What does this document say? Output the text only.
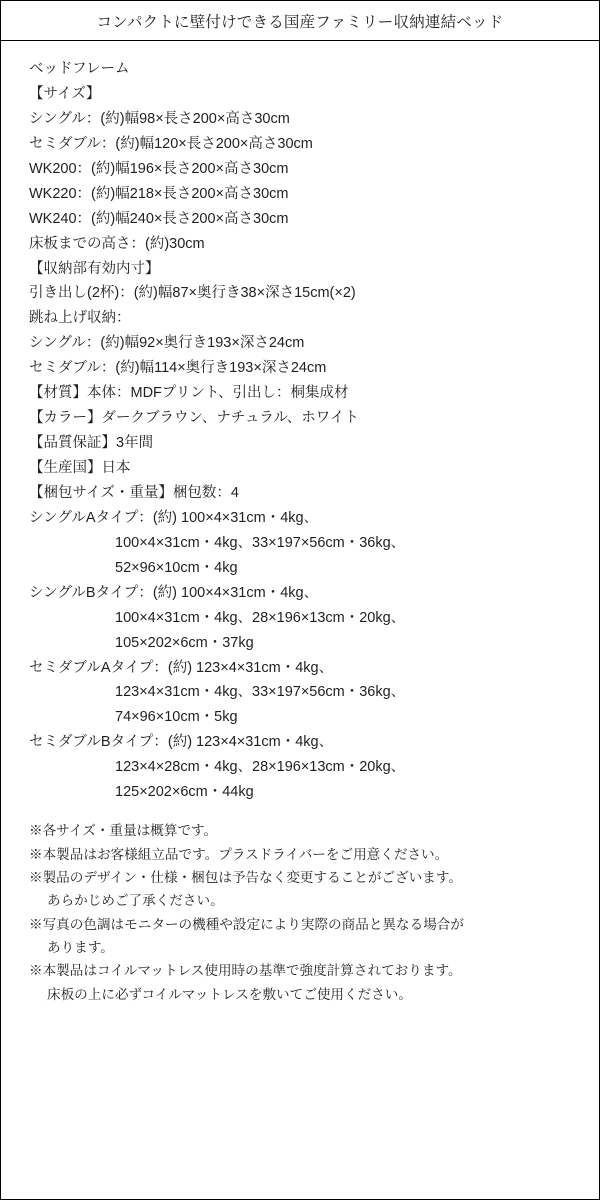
コンパクトに壁付けできる国産ファミリー収納連結ベッド
ベッドフレーム
【サイズ】
シングル：(約)幅98×長さ200×高さ30cm
セミダブル：(約)幅120×長さ200×高さ30cm
WK200：(約)幅196×長さ200×高さ30cm
WK220：(約)幅218×長さ200×高さ30cm
WK240：(約)幅240×長さ200×高さ30cm
床板までの高さ：(約)30cm
【収納部有効内寸】
引き出し(2杯)：(約)幅87×奥行き38×深さ15cm(×2)
跳ね上げ収納：
シングル：(約)幅92×奥行き193×深さ24cm
セミダブル：(約)幅114×奥行き193×深さ24cm
【材質】本体：MDFプリント、引出し：桐集成材
【カラー】ダークブラウン、ナチュラル、ホワイト
【品質保証】3年間
【生産国】日本
【梱包サイズ・重量】梱包数：4
シングルAタイプ：(約) 100×4×31cm・4kg、
100×4×31cm・4kg、33×197×56cm・36kg、
52×96×10cm・4kg
シングルBタイプ：(約) 100×4×31cm・4kg、
100×4×31cm・4kg、28×196×13cm・20kg、
105×202×6cm・37kg
セミダブルAタイプ：(約) 123×4×31cm・4kg、
123×4×31cm・4kg、33×197×56cm・36kg、
74×96×10cm・5kg
セミダブルBタイプ：(約) 123×4×31cm・4kg、
123×4×28cm・4kg、28×196×13cm・20kg、
125×202×6cm・44kg
※各サイズ・重量は概算です。
※本製品はお客様組立品です。プラスドライバーをご用意ください。
※製品のデザイン・仕様・梱包は予告なく変更することがございます。
あらかじめご了承ください。
※写真の色調はモニターの機種や設定により実際の商品と異なる場合が
あります。
※本製品はコイルマットレス使用時の基準で強度計算されております。
床板の上に必ずコイルマットレスを敷いてご使用ください。
